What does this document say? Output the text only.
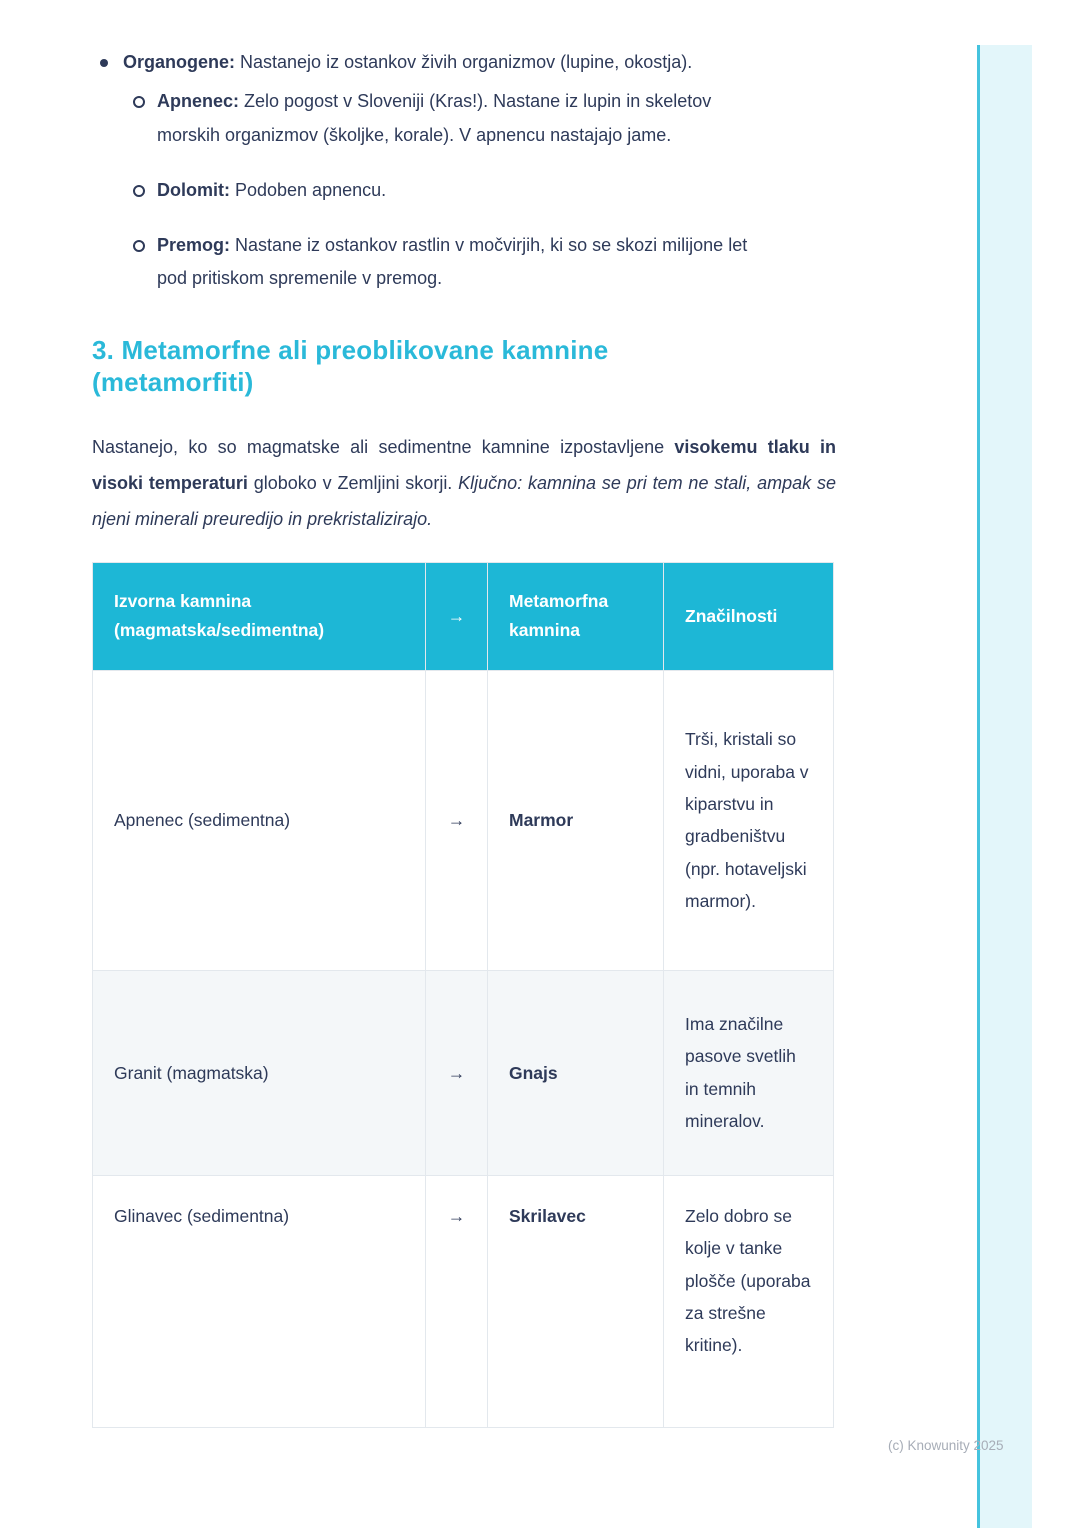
Organogene: Nastanejo iz ostankov živih organizmov (lupine, okostja).
Apnenec: Zelo pogost v Sloveniji (Kras!). Nastane iz lupin in skeletov morskih organizmov (školjke, korale). V apnencu nastajajo jame.
Dolomit: Podoben apnencu.
Premog: Nastane iz ostankov rastlin v močvirjih, ki so se skozi milijone let pod pritiskom spremenile v premog.
3. Metamorfne ali preoblikovane kamnine (metamorfiti)

Nastanejo, ko so magmatske ali sedimentne kamnine izpostavljene visokemu tlaku in visoki temperaturi globoko v Zemljini skorji. Ključno: kamnina se pri tem ne stali, ampak se njeni minerali preuredijo in prekristalizirajo.

Izvorna kamnina (magmatska/sedimentna)	→	Metamorfna kamnina	Značilnosti
Apnenec (sedimentna)	→	Marmor	Trši, kristali so vidni, uporaba v kiparstvu in gradbeništvu (npr. hotaveljski marmor).
Granit (magmatska)	→	Gnajs	Ima značilne pasove svetlih in temnih mineralov.
Glinavec (sedimentna)	→	Skrilavec	Zelo dobro se kolje v tanke plošče (uporaba za strešne kritine).
(c) Knowunity 2025
